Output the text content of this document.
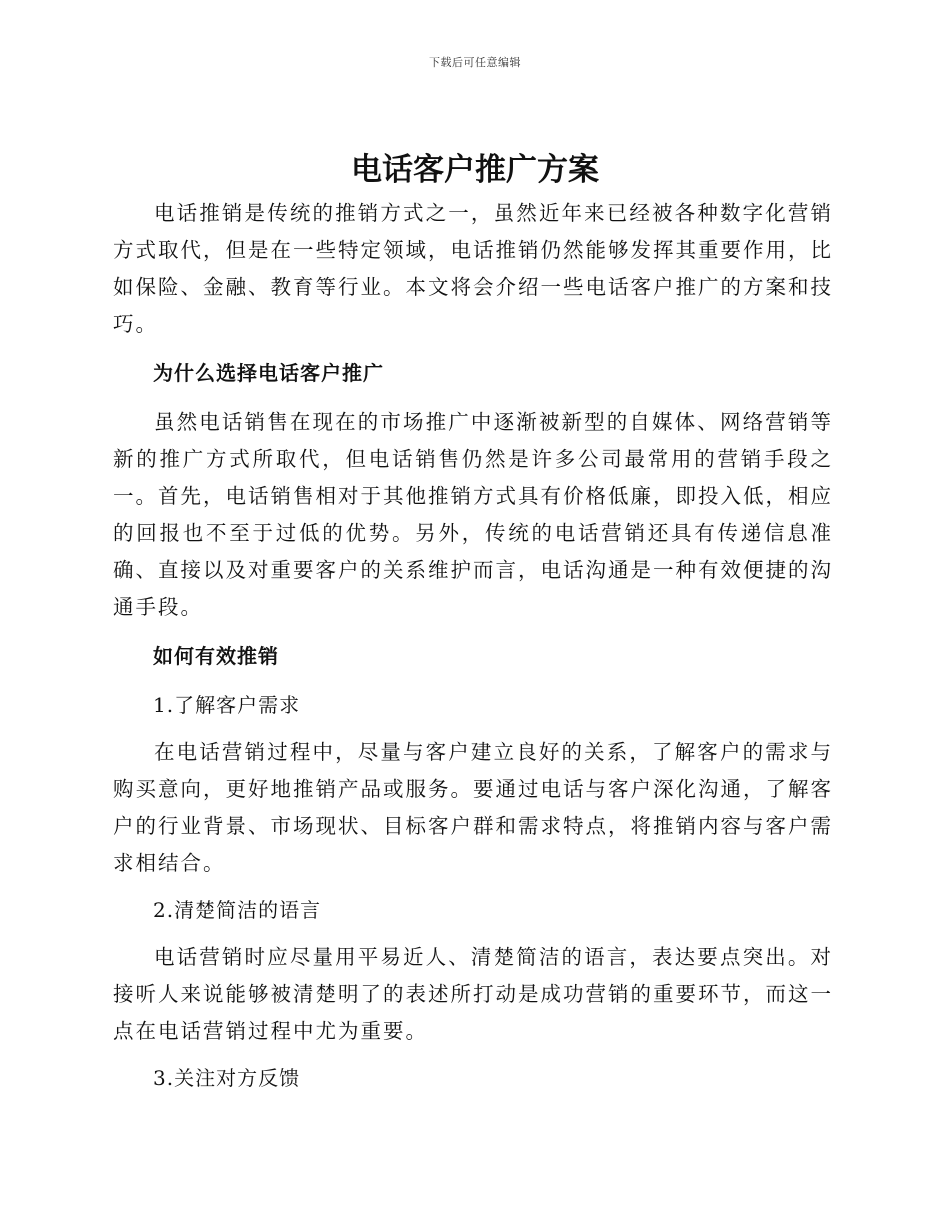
下载后可任意编辑
电话客户推广方案

电话推销是传统的推销方式之一，虽然近年来已经被各种数字化营销方式取代，但是在一些特定领域，电话推销仍然能够发挥其重要作用，比如保险、金融、教育等行业。本文将会介绍一些电话客户推广的方案和技巧。

为什么选择电话客户推广

虽然电话销售在现在的市场推广中逐渐被新型的自媒体、网络营销等新的推广方式所取代，但电话销售仍然是许多公司最常用的营销手段之一。首先，电话销售相对于其他推销方式具有价格低廉，即投入低，相应的回报也不至于过低的优势。另外，传统的电话营销还具有传递信息准确、直接以及对重要客户的关系维护而言，电话沟通是一种有效便捷的沟通手段。

如何有效推销
1.了解客户需求

在电话营销过程中，尽量与客户建立良好的关系，了解客户的需求与购买意向，更好地推销产品或服务。要通过电话与客户深化沟通，了解客户的行业背景、市场现状、目标客户群和需求特点，将推销内容与客户需求相结合。

2.清楚简洁的语言

电话营销时应尽量用平易近人、清楚简洁的语言，表达要点突出。对接听人来说能够被清楚明了的表述所打动是成功营销的重要环节，而这一点在电话营销过程中尤为重要。

3.关注对方反馈
